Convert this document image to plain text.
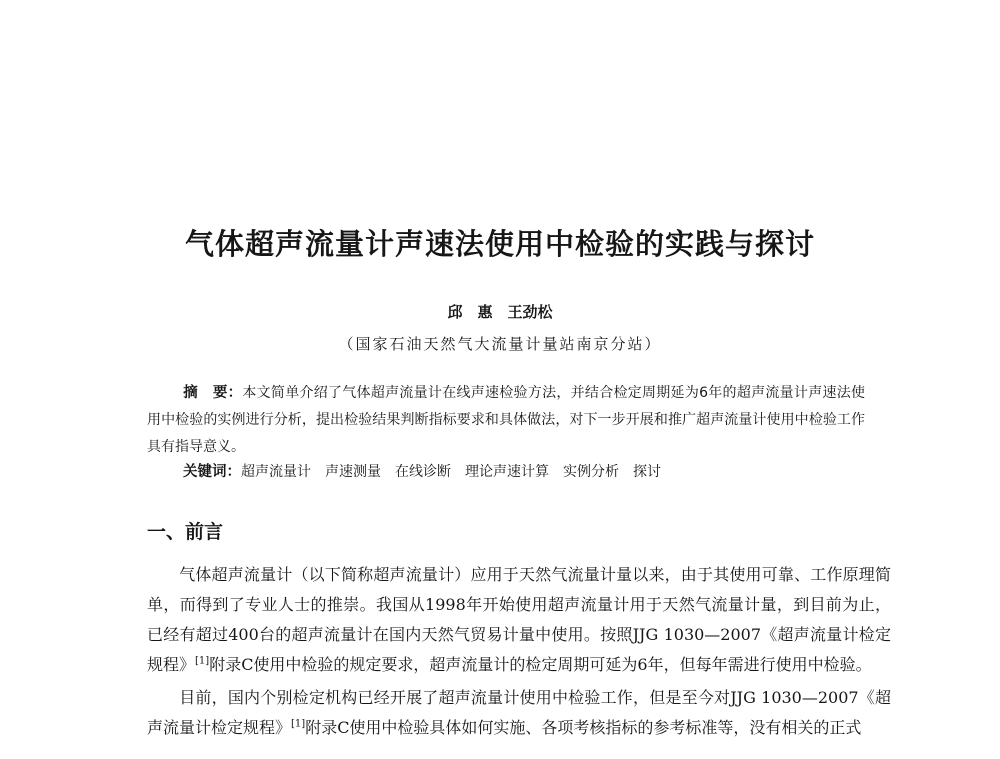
气体超声流量计声速法使用中检验的实践与探讨
邱　惠　王劲松
（国家石油天然气大流量计量站南京分站）
摘　要：本文简单介绍了气体超声流量计在线声速检验方法，并结合检定周期延为6年的超声流量计声速法使用中检验的实例进行分析，提出检验结果判断指标要求和具体做法，对下一步开展和推广超声流量计使用中检验工作具有指导意义。
关键词：超声流量计 声速测量 在线诊断 理论声速计算 实例分析 探讨
一、前言

气体超声流量计（以下简称超声流量计）应用于天然气流量计量以来，由于其使用可靠、工作原理简单，而得到了专业人士的推崇。我国从1998年开始使用超声流量计用于天然气流量计量，到目前为止，已经有超过400台的超声流量计在国内天然气贸易计量中使用。按照JJG 1030—2007《超声流量计检定规程》[1]附录C使用中检验的规定要求，超声流量计的检定周期可延为6年，但每年需进行使用中检验。

目前，国内个别检定机构已经开展了超声流量计使用中检验工作，但是至今对JJG 1030—2007《超声流量计检定规程》[1]附录C使用中检验具体如何实施、各项考核指标的参考标准等，没有相关的正式
